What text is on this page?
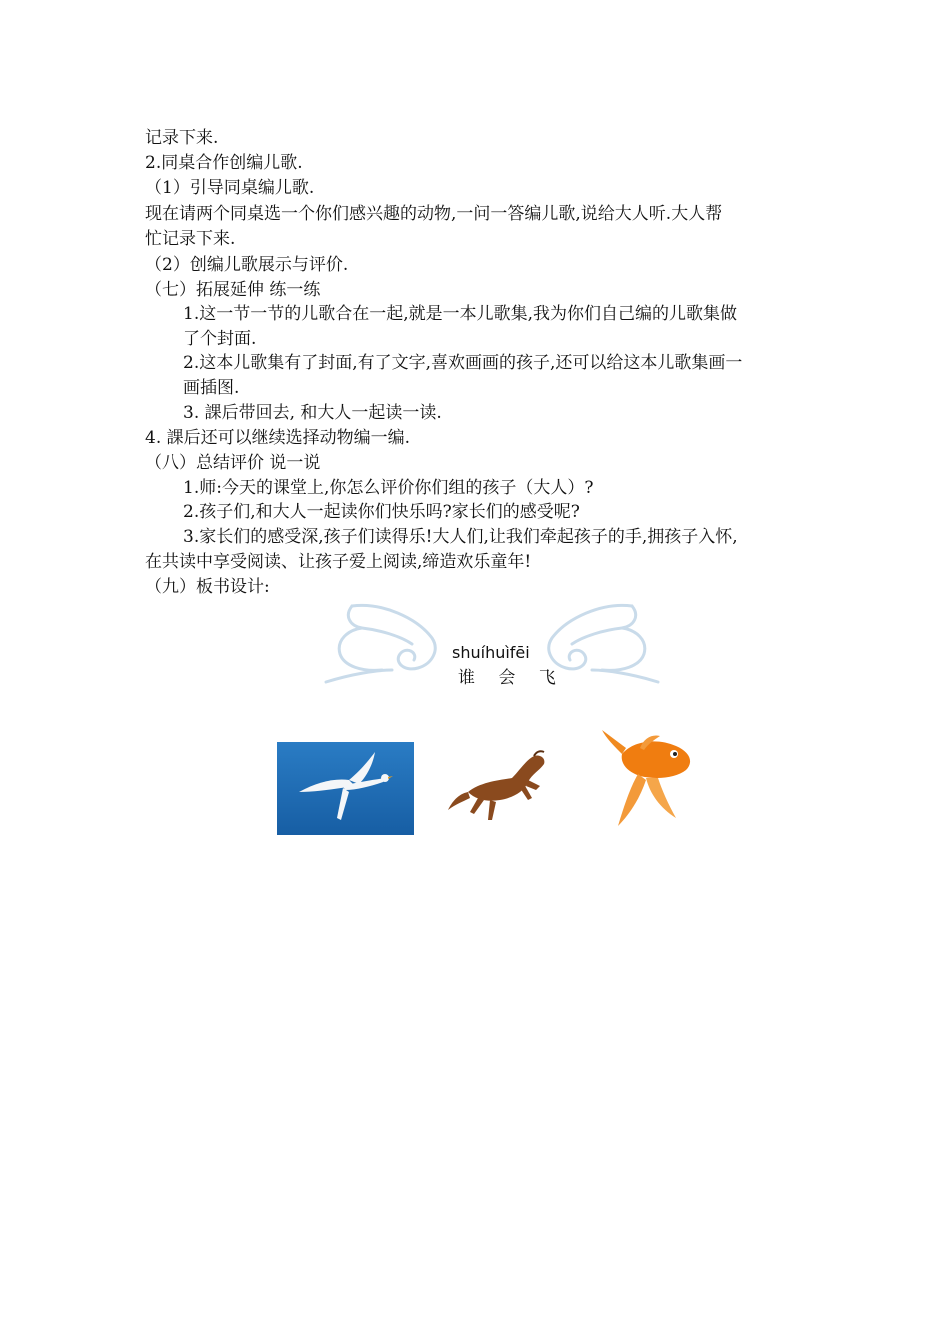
记录下来.
2.同桌合作创编儿歌.
（1）引导同桌编儿歌.
现在请两个同桌选一个你们感兴趣的动物,一问一答编儿歌,说给大人听.大人帮
忙记录下来.
（2）创编儿歌展示与评价.
（七）拓展延伸 练一练
1.这一节一节的儿歌合在一起,就是一本儿歌集,我为你们自己编的儿歌集做
了个封面.
2.这本儿歌集有了封面,有了文字,喜欢画画的孩子,还可以给这本儿歌集画一
画插图.
3. 課后带回去, 和大人一起读一读.
4. 課后还可以继续选择动物编一编.
（八）总结评价 说一说
1.师:今天的课堂上,你怎么评价你们组的孩子（大人）?
2.孩子们,和大人一起读你们快乐吗?家长们的感受呢?
3.家长们的感受深,孩子们读得乐!大人们,让我们牵起孩子的手,拥孩子入怀,
在共读中享受阅读、让孩子爱上阅读,缔造欢乐童年!
（九）板书设计:
shuíhuìfēi
谁 会 飞
